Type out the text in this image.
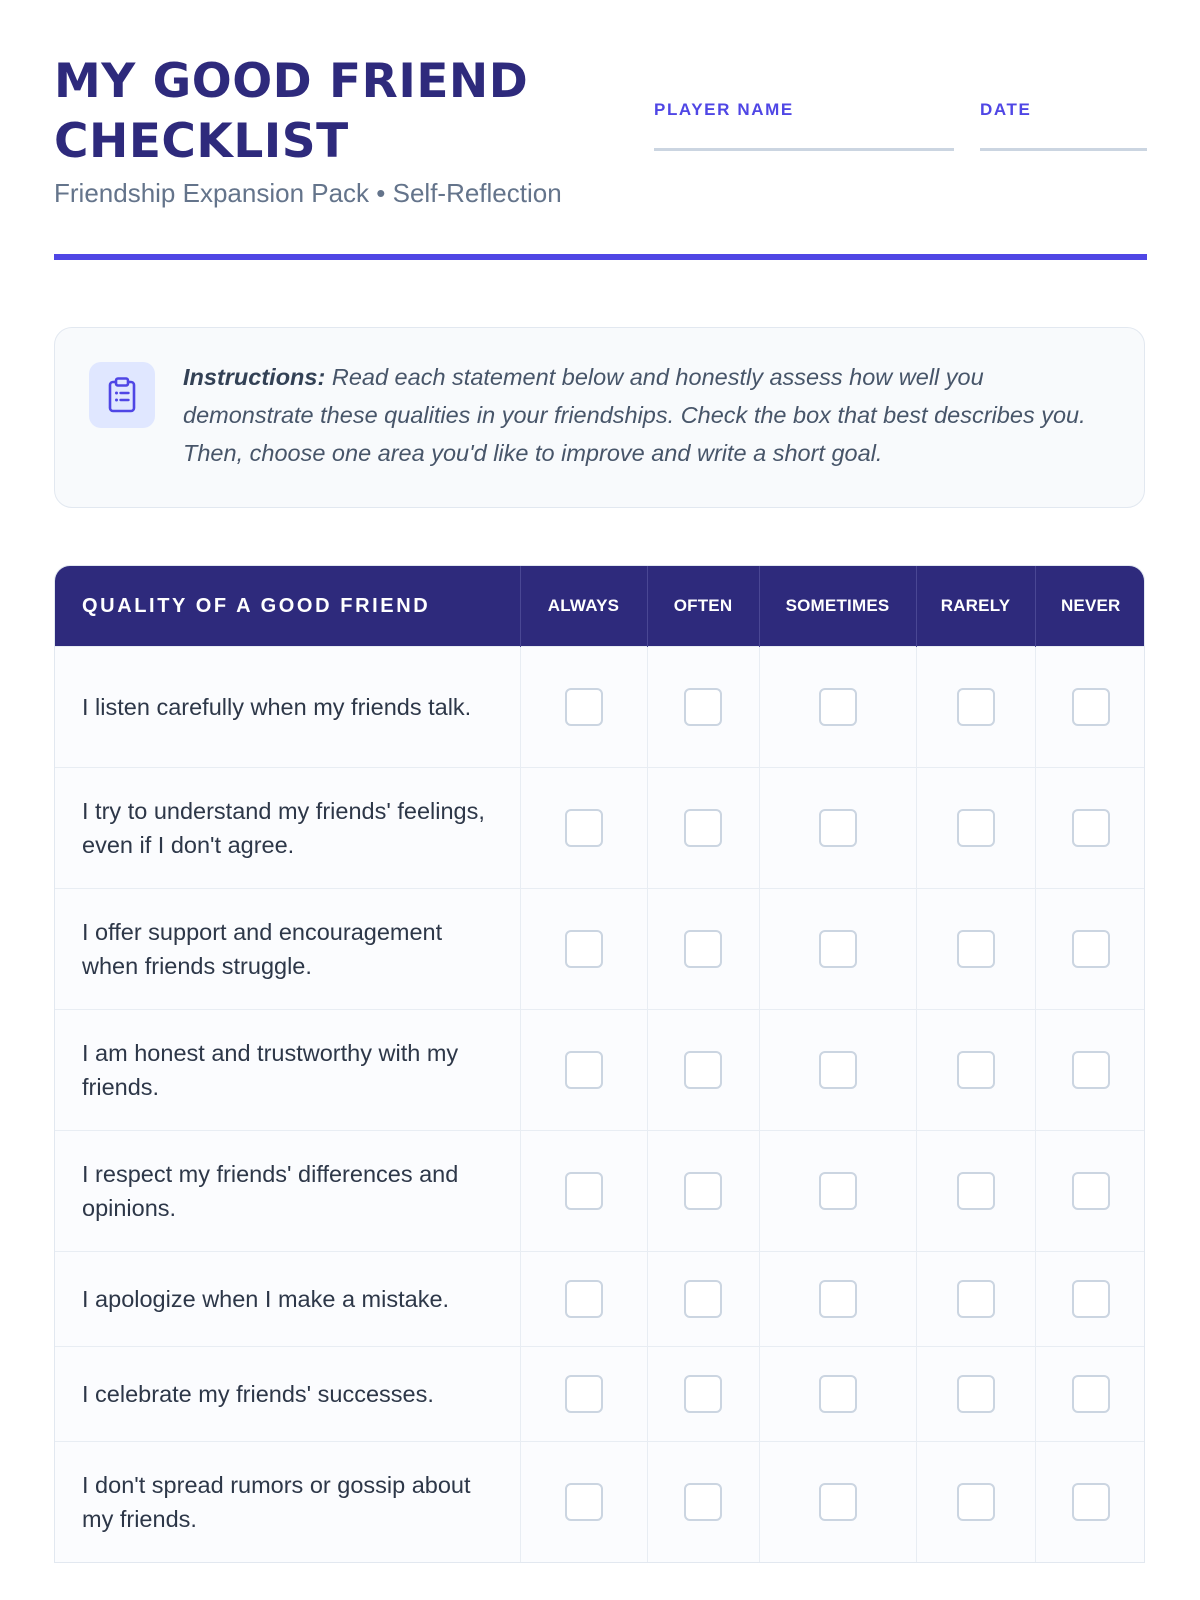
MY GOOD FRIEND CHECKLIST
Friendship Expansion Pack • Self-Reflection
PLAYER NAME	DATE
Instructions: Read each statement below and honestly assess how well you demonstrate these qualities in your friendships. Check the box that best describes you. Then, choose one area you'd like to improve and write a short goal.
QUALITY OF A GOOD FRIEND	ALWAYS	OFTEN	SOMETIMES	RARELY	NEVER
I listen carefully when my friends talk.					
I try to understand my friends' feelings, even if I don't agree.					
I offer support and encouragement when friends struggle.					
I am honest and trustworthy with my friends.					
I respect my friends' differences and opinions.					
I apologize when I make a mistake.					
I celebrate my friends' successes.					
I don't spread rumors or gossip about my friends.					
